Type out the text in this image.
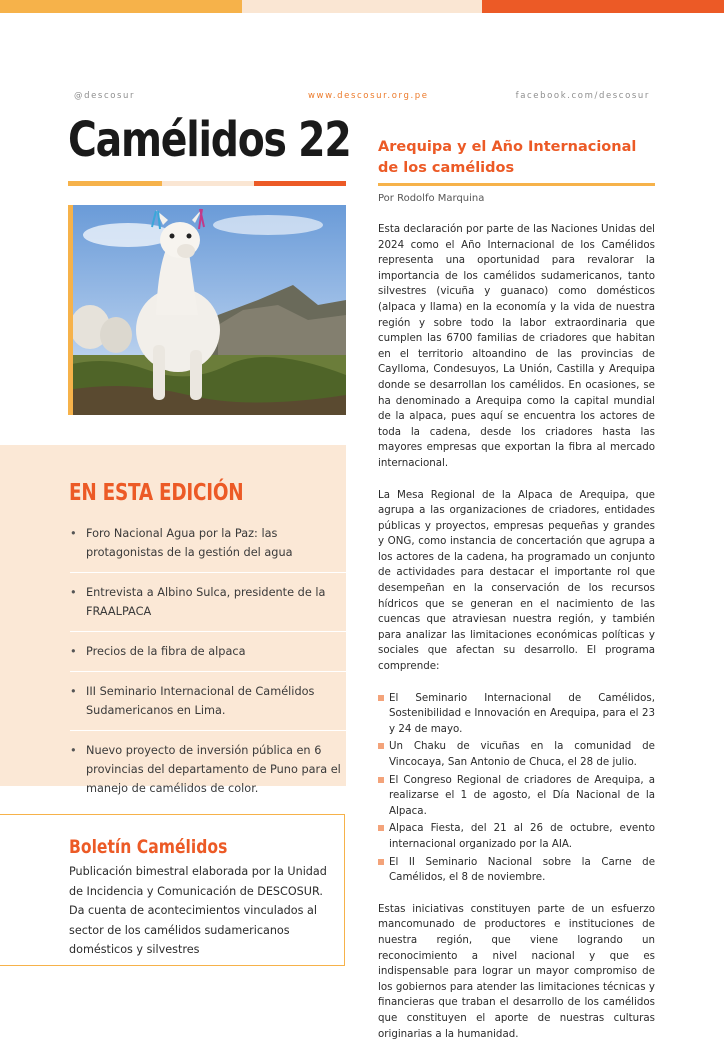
@descosur	www.descosur.org.pe	facebook.com/descosur
Camélidos 22
EN ESTA EDICIÓN
• Foro Nacional Agua por la Paz: las protagonistas de la gestión del agua
• Entrevista a Albino Sulca, presidente de la FRAALPACA
• Precios de la fibra de alpaca
• III Seminario Internacional de Camélidos Sudamericanos en Lima.
• Nuevo proyecto de inversión pública en 6 provincias del departamento de Puno para el manejo de camélidos de color.
Boletín Camélidos
Publicación bimestral elaborada por la Unidad de Incidencia y Comunicación de DESCOSUR. Da cuenta de acontecimientos vinculados al sector de los camélidos sudamericanos domésticos y silvestres
Arequipa y el Año Internacional de los camélidos
Por Rodolfo Marquina

Esta declaración por parte de las Naciones Unidas del 2024 como el Año Internacional de los Camélidos representa una oportunidad para revalorar la importancia de los camélidos sudamericanos, tanto silvestres (vicuña y guanaco) como domésticos (alpaca y llama) en la economía y la vida de nuestra región y sobre todo la labor extraordinaria que cumplen las 6700 familias de criadores que habitan en el territorio altoandino de las provincias de Caylloma, Condesuyos, La Unión, Castilla y Arequipa donde se desarrollan los camélidos. En ocasiones, se ha denominado a Arequipa como la capital mundial de la alpaca, pues aquí se encuentra los actores de toda la cadena, desde los criadores hasta las mayores empresas que exportan la fibra al mercado internacional.

La Mesa Regional de la Alpaca de Arequipa, que agrupa a las organizaciones de criadores, entidades públicas y proyectos, empresas pequeñas y grandes y ONG, como instancia de concertación que agrupa a los actores de la cadena, ha programado un conjunto de actividades para destacar el importante rol que desempeñan en la conservación de los recursos hídricos que se generan en el nacimiento de las cuencas que atraviesan nuestra región, y también para analizar las limitaciones económicas políticas y sociales que afectan su desarrollo. El programa comprende:

El Seminario Internacional de Camélidos, Sostenibilidad e Innovación en Arequipa, para el 23 y 24 de mayo.
Un Chaku de vicuñas en la comunidad de Vincocaya, San Antonio de Chuca, el 28 de julio.
El Congreso Regional de criadores de Arequipa, a realizarse el 1 de agosto, el Día Nacional de la Alpaca.
Alpaca Fiesta, del 21 al 26 de octubre, evento internacional organizado por la AIA.
El II Seminario Nacional sobre la Carne de Camélidos, el 8 de noviembre.

Estas iniciativas constituyen parte de un esfuerzo mancomunado de productores e instituciones de nuestra región, que viene logrando un reconocimiento a nivel nacional y que es indispensable para lograr un mayor compromiso de los gobiernos para atender las limitaciones técnicas y financieras que traban el desarrollo de los camélidos que constituyen el aporte de nuestras culturas originarias a la humanidad.
